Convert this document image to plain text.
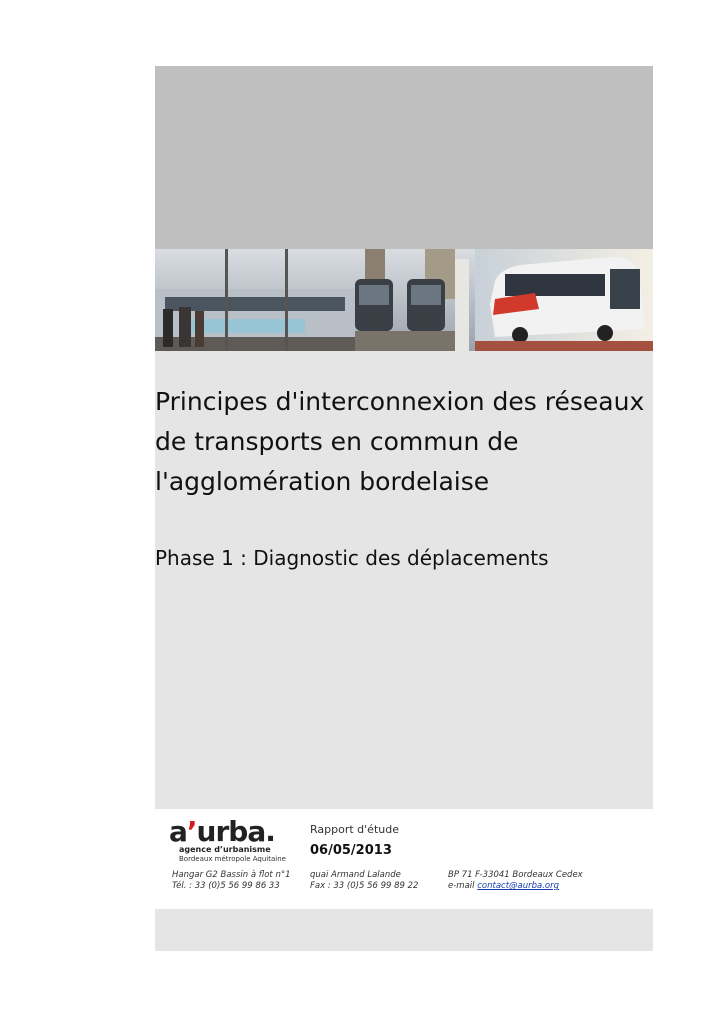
Principes d'interconnexion des réseaux
de transports en commun de
l'agglomération bordelaise
Phase 1 : Diagnostic des déplacements
a’urba.
agence d’urbanisme
Bordeaux métropole Aquitaine
Rapport d'étude
06/05/2013
Hangar G2 Bassin à flot n°1
Tél. : 33 (0)5 56 99 86 33
quai Armand Lalande
Fax : 33 (0)5 56 99 89 22
BP 71 F-33041 Bordeaux Cedex
e-mail contact@aurba.org
